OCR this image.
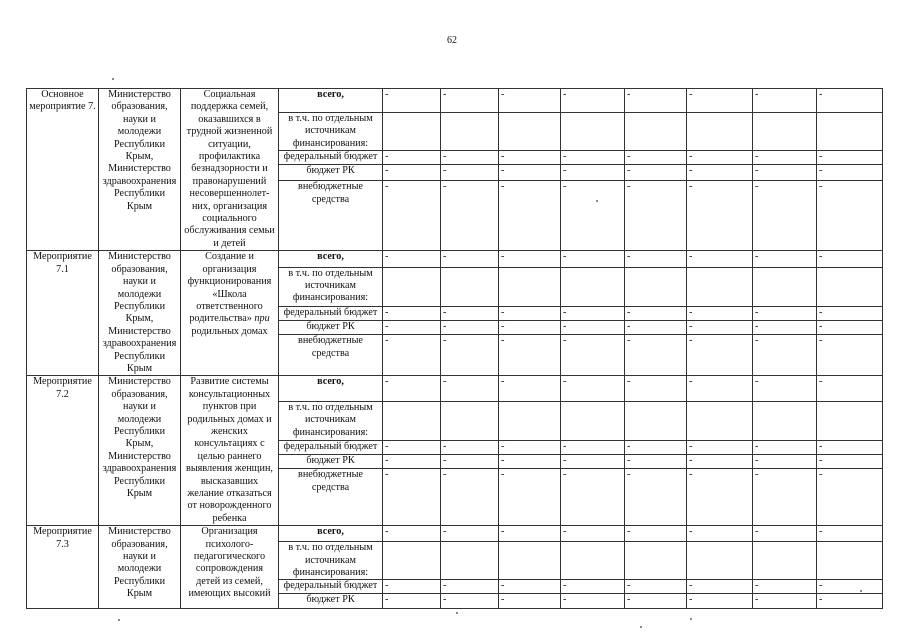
62
Основное мероприятие 7.	Министерство образования, науки и молодежи Республики Крым, Министерство здравоохранения Республики Крым	Социальная поддержка семей, оказавшихся в трудной жизненной ситуации, профилактика безнадзорности и правонарушений несовершеннолет-них, организация социального обслуживания семьи и детей	всего,	-	-	-	-	-	-	-	-
			в т.ч. по отдельным источникам финансирования:								
			федеральный бюджет	-	-	-	-	-	-	-	-
			бюджет РК	-	-	-	-	-	-	-	-
			внебюджетные средства	-	-	-	-	-	-	-	-
Мероприятие 7.1	Министерство образования, науки и молодежи Республики Крым, Министерство здравоохранения Республики Крым	Создание и организация функционирования «Школа ответственного родительства» при родильных домах	всего,	-	-	-	-	-	-	-	-
			в т.ч. по отдельным источникам финансирования:								
			федеральный бюджет	-	-	-	-	-	-	-	-
			бюджет РК	-	-	-	-	-	-	-	-
			внебюджетные средства	-	-	-	-	-	-	-	-
Мероприятие 7.2	Министерство образования, науки и молодежи Республики Крым, Министерство здравоохранения Республики Крым	Развитие системы консультационных пунктов при родильных домах и женских консультациях с целью раннего выявления женщин, высказавших желание отказаться от новорожденного ребенка	всего,	-	-	-	-	-	-	-	-
			в т.ч. по отдельным источникам финансирования:								
			федеральный бюджет	-	-	-	-	-	-	-	-
			бюджет РК	-	-	-	-	-	-	-	-
			внебюджетные средства	-	-	-	-	-	-	-	-
Мероприятие 7.3	Министерство образования, науки и молодежи Республики Крым	Организация психолого-педагогического сопровождения детей из семей, имеющих высокий	всего,	-	-	-	-	-	-	-	-
			в т.ч. по отдельным источникам финансирования:								
			федеральный бюджет	-	-	-	-	-	-	-	-
			бюджет РК	-	-	-	-	-	-	-	-
